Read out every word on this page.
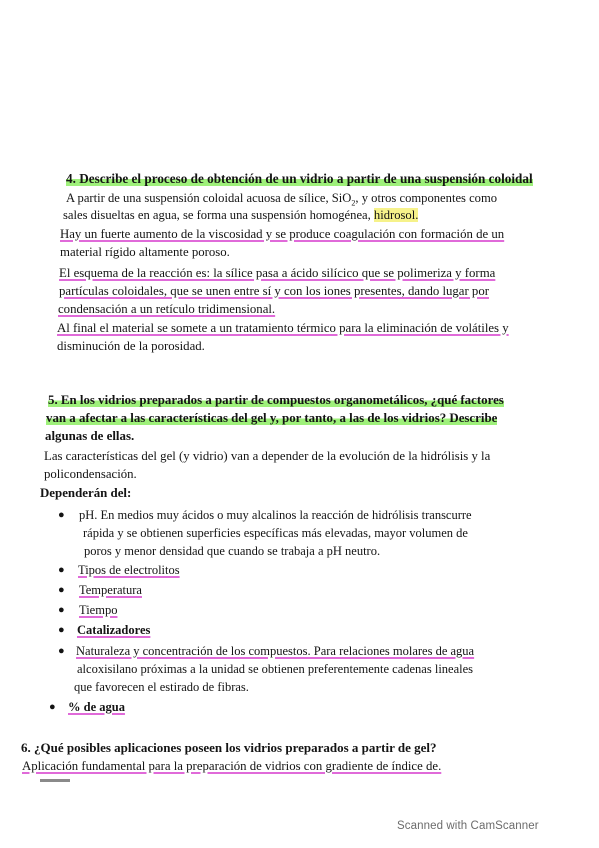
4. Describe el proceso de obtención de un vidrio a partir de una suspensión coloidal
A partir de una suspensión coloidal acuosa de sílice, SiO$_2$, y otros componentes como
sales disueltas en agua, se forma una suspensión homogénea, hidrosol.
Hay un fuerte aumento de la viscosidad y se produce coagulación con formación de un
material rígido altamente poroso.
El esquema de la reacción es: la sílice pasa a ácido silícico que se polimeriza y forma
partículas coloidales, que se unen entre sí y con los iones presentes, dando lugar por
condensación a un retículo tridimensional.
Al final el material se somete a un tratamiento térmico para la eliminación de volátiles y
disminución de la porosidad.
5. En los vidrios preparados a partir de compuestos organometálicos, ¿qué factores
van a afectar a las características del gel y, por tanto, a las de los vidrios? Describe
algunas de ellas.
Las características del gel (y vidrio) van a depender de la evolución de la hidrólisis y la
policondensación.
Dependerán del:
● pH. En medios muy ácidos o muy alcalinos la reacción de hidrólisis transcurre
rápida y se obtienen superficies específicas más elevadas, mayor volumen de
poros y menor densidad que cuando se trabaja a pH neutro.
● Tipos de electrolitos
● Temperatura
● Tiempo
● Catalizadores
● Naturaleza y concentración de los compuestos. Para relaciones molares de agua
alcoxisilano próximas a la unidad se obtienen preferentemente cadenas lineales
que favorecen el estirado de fibras.
● % de agua
6. ¿Qué posibles aplicaciones poseen los vidrios preparados a partir de gel?
Aplicación fundamental para la preparación de vidrios con gradiente de índice de.
Scanned with CamScanner
